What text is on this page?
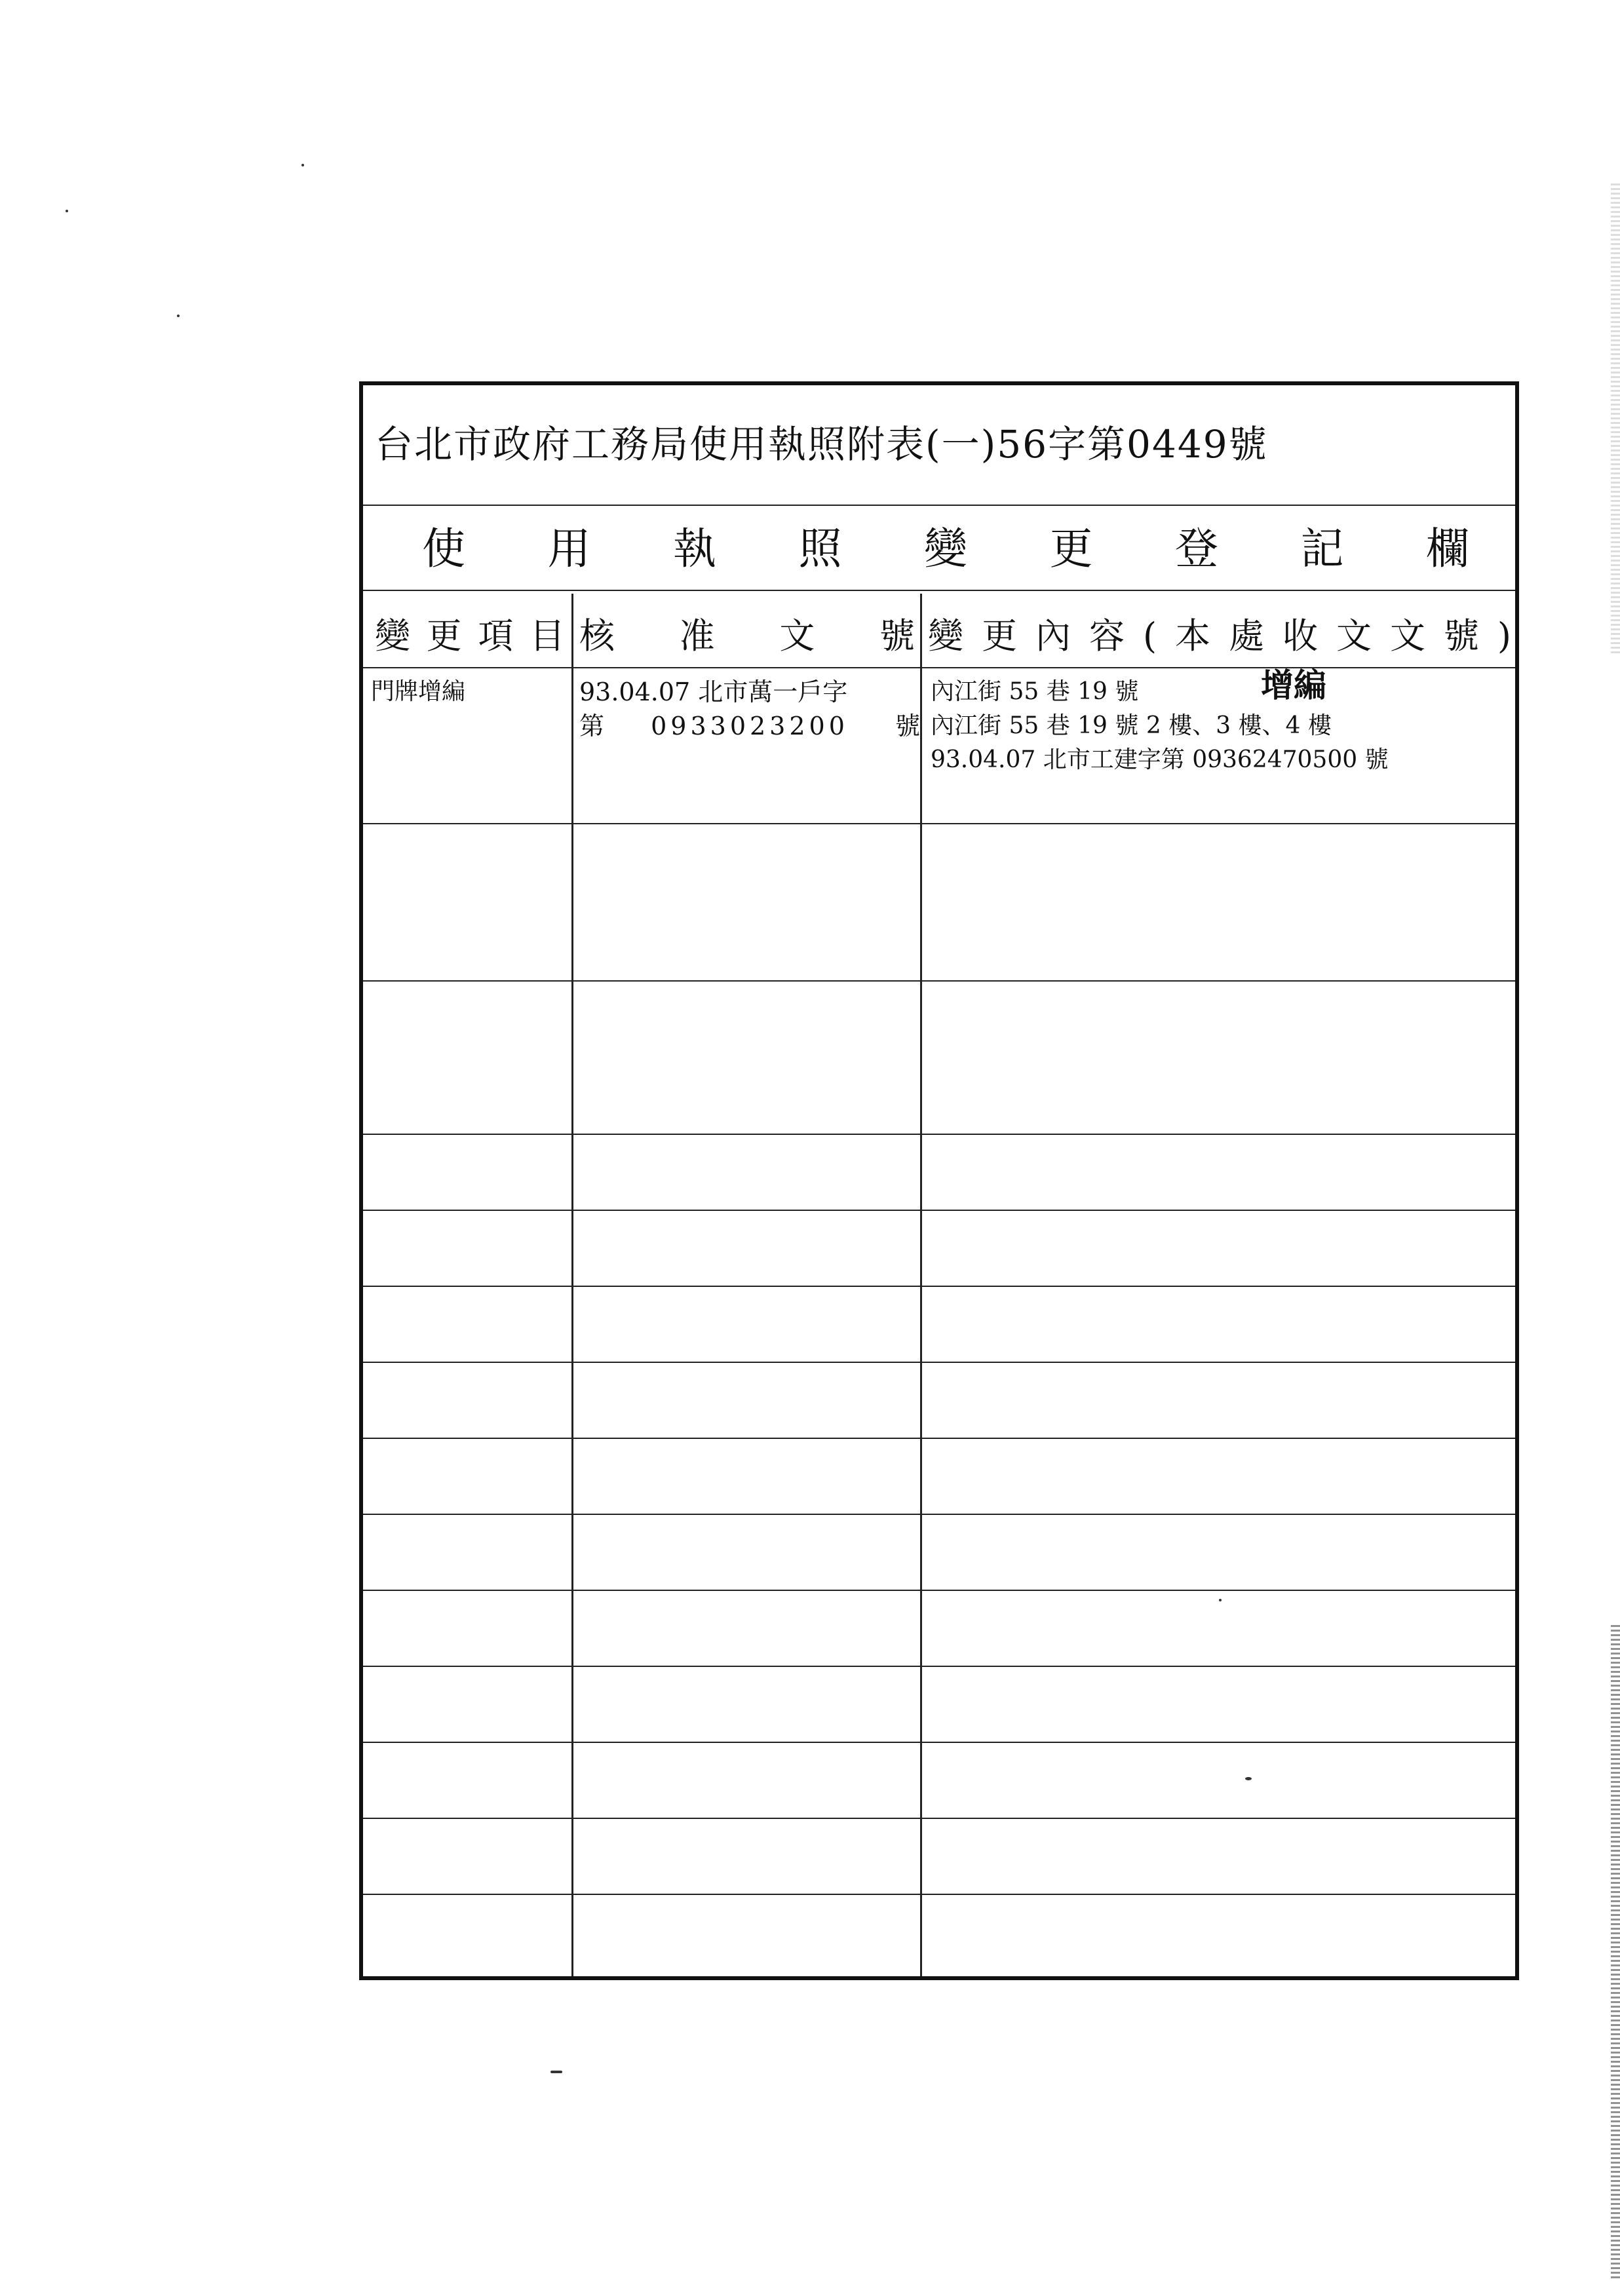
台北市政府工務局使用執照附表(一)56字第0449號
使 用 執 照 變 更 登 記 欄
變 更 項 目 核 准 文 號 變 更 內 容 ( 本 處 收 文 文 號 )
門牌增編	93.04.07 北市萬一戶字
第 0933023200 號
內江街 55 巷 19 號	增編
內江街 55 巷 19 號 2 樓、3 樓、4 樓
93.04.07 北市工建字第 09362470500 號
